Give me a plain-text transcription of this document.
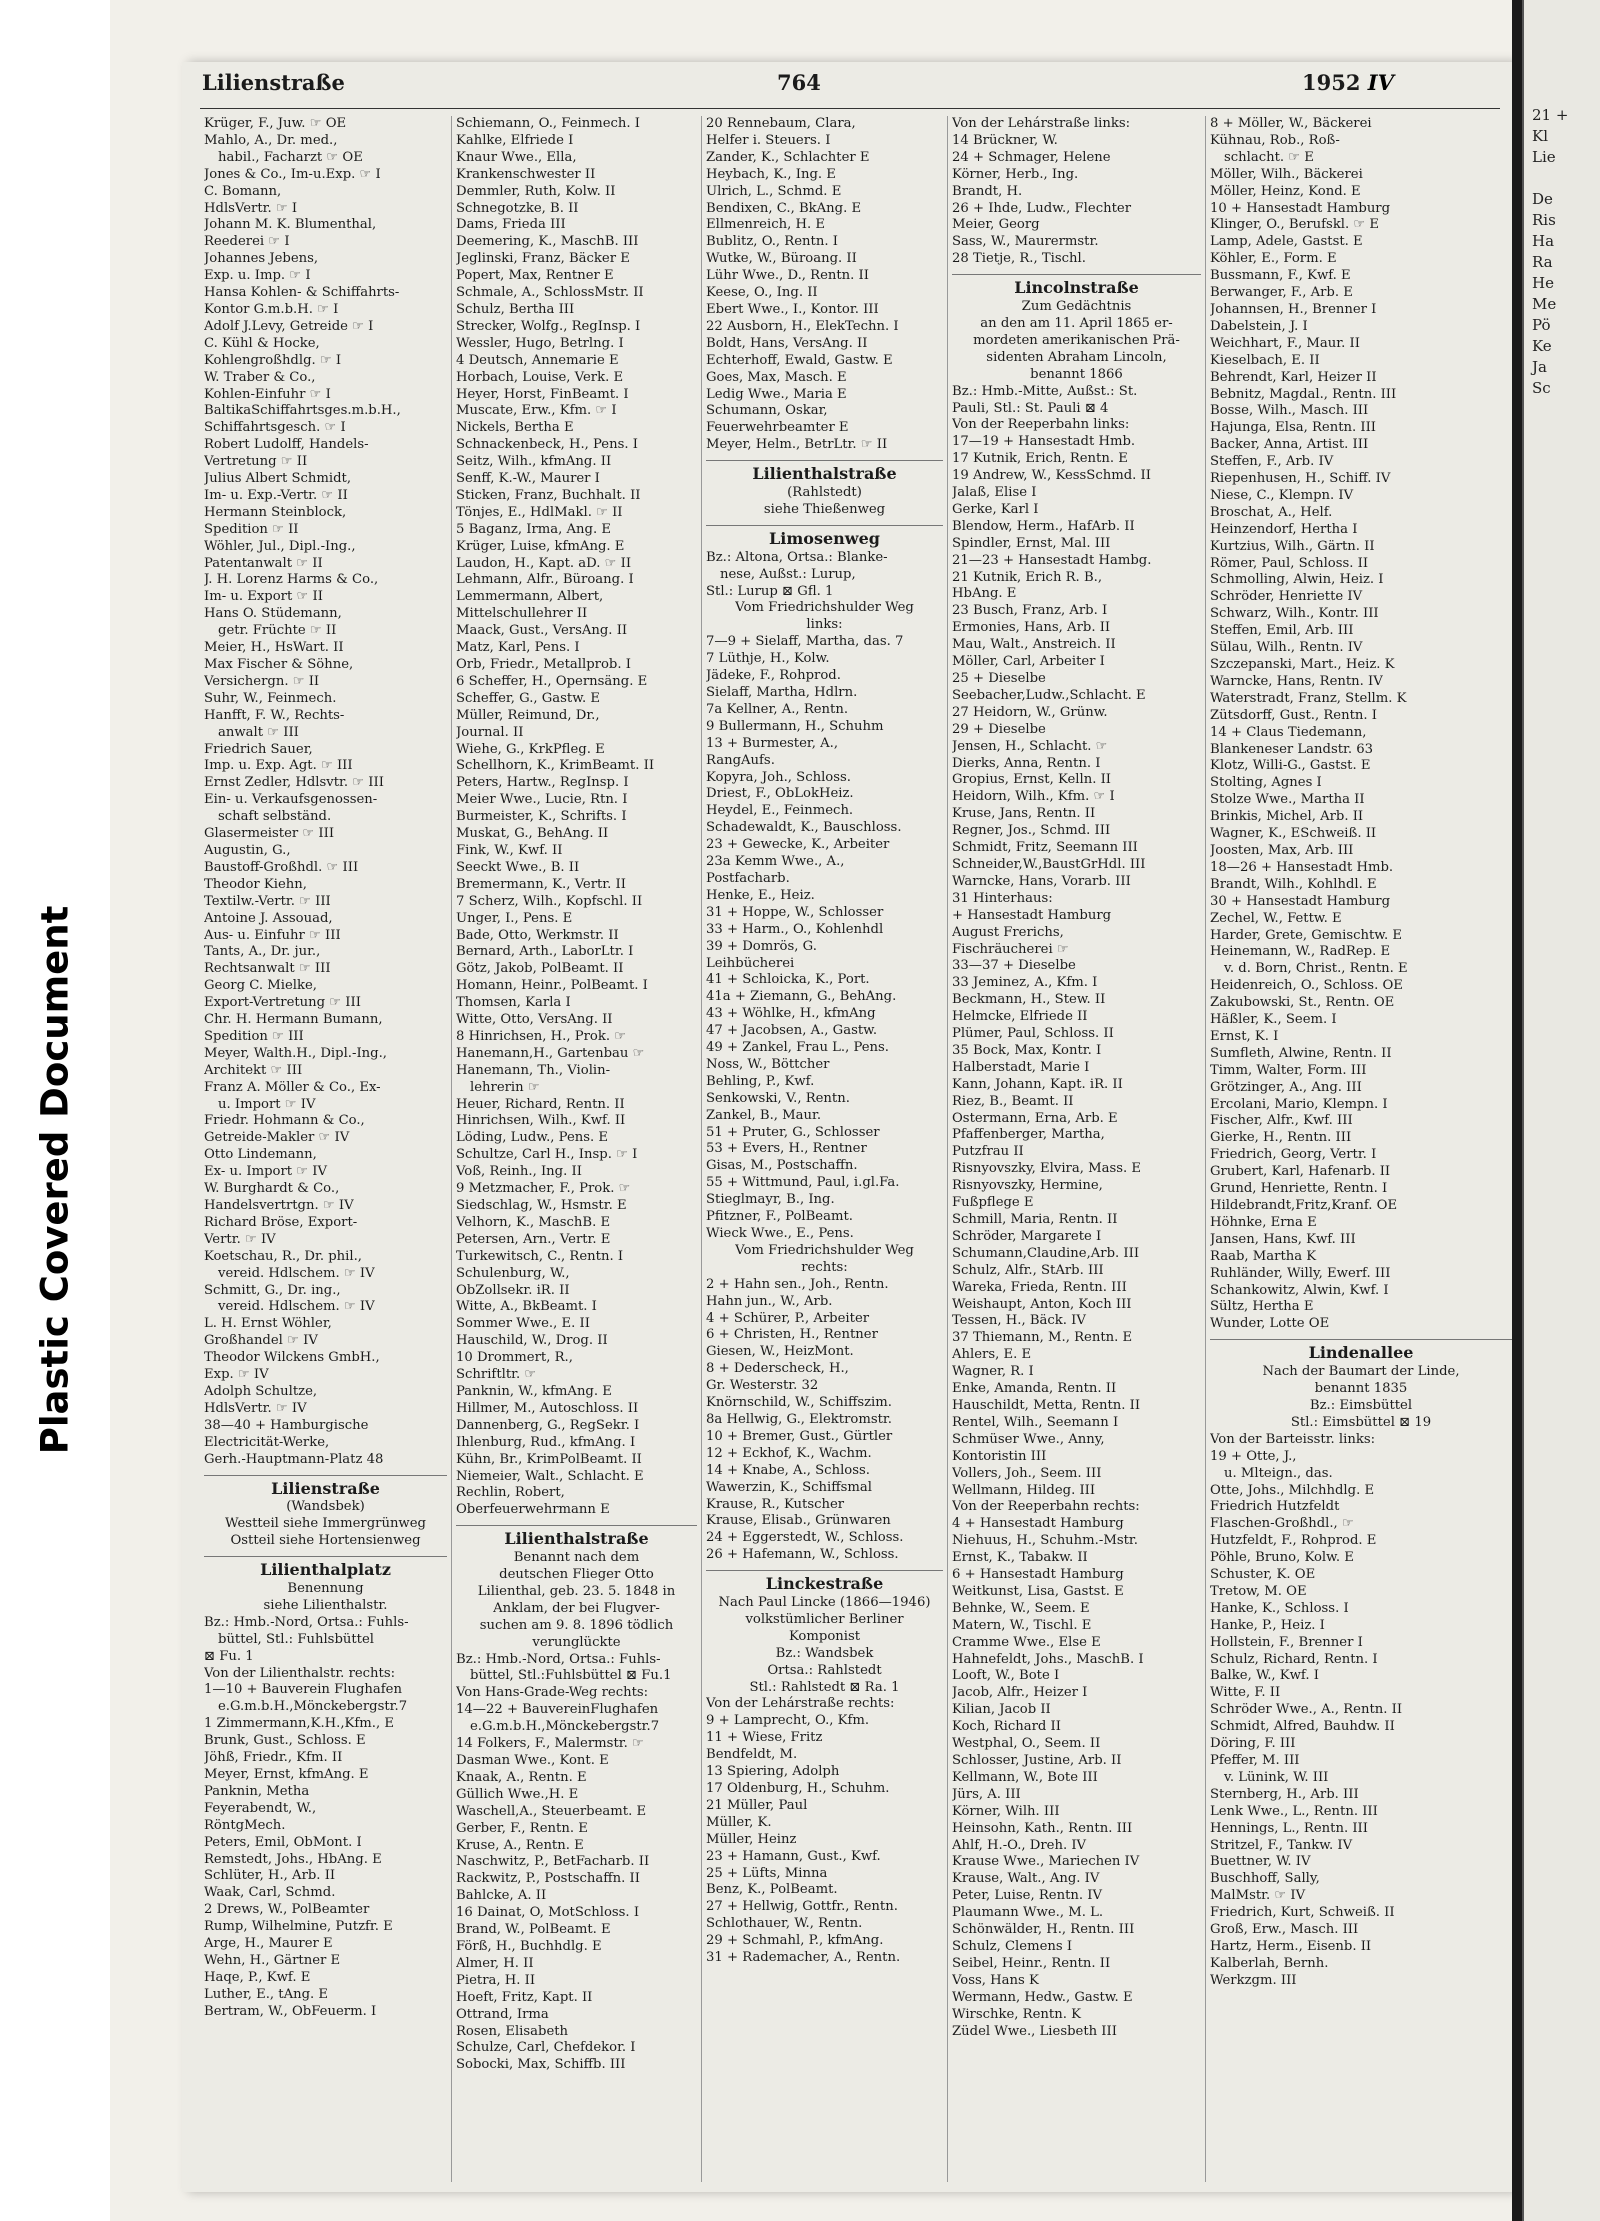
Plastic Covered Document
Lilienstraße	764	1952 IV

Krüger, F., Juw. ☞ OE

Mahlo, A., Dr. med.,

habil., Facharzt ☞ OE

Jones & Co., Im-u.Exp. ☞ I

C. Bomann,

HdlsVertr. ☞ I

Johann M. K. Blumenthal,

Reederei ☞ I

Johannes Jebens,

Exp. u. Imp. ☞ I

Hansa Kohlen- & Schiffahrts-

Kontor G.m.b.H. ☞ I

Adolf J.Levy, Getreide ☞ I

C. Kühl & Hocke,

Kohlengroßhdlg. ☞ I

W. Traber & Co.,

Kohlen-Einfuhr ☞ I

BaltikaSchiffahrtsges.m.b.H.,

Schiffahrtsgesch. ☞ I

Robert Ludolff, Handels-

Vertretung ☞ II

Julius Albert Schmidt,

Im- u. Exp.-Vertr. ☞ II

Hermann Steinblock,

Spedition ☞ II

Wöhler, Jul., Dipl.-Ing.,

Patentanwalt ☞ II

J. H. Lorenz Harms & Co.,

Im- u. Export ☞ II

Hans O. Stüdemann,

getr. Früchte ☞ II

Meier, H., HsWart. II

Max Fischer & Söhne,

Versichergn. ☞ II

Suhr, W., Feinmech.

Hanfft, F. W., Rechts-

anwalt ☞ III

Friedrich Sauer,

Imp. u. Exp. Agt. ☞ III

Ernst Zedler, Hdlsvtr. ☞ III

Ein- u. Verkaufsgenossen-

schaft selbständ.

Glasermeister ☞ III

Augustin, G.,

Baustoff-Großhdl. ☞ III

Theodor Kiehn,

Textilw.-Vertr. ☞ III

Antoine J. Assouad,

Aus- u. Einfuhr ☞ III

Tants, A., Dr. jur.,

Rechtsanwalt ☞ III

Georg C. Mielke,

Export-Vertretung ☞ III

Chr. H. Hermann Bumann,

Spedition ☞ III

Meyer, Walth.H., Dipl.-Ing.,

Architekt ☞ III

Franz A. Möller & Co., Ex-

u. Import ☞ IV

Friedr. Hohmann & Co.,

Getreide-Makler ☞ IV

Otto Lindemann,

Ex- u. Import ☞ IV

W. Burghardt & Co.,

Handelsvertrtgn. ☞ IV

Richard Bröse, Export-

Vertr. ☞ IV

Koetschau, R., Dr. phil.,

vereid. Hdlschem. ☞ IV

Schmitt, G., Dr. ing.,

vereid. Hdlschem. ☞ IV

L. H. Ernst Wöhler,

Großhandel ☞ IV

Theodor Wilckens GmbH.,

Exp. ☞ IV

Adolph Schultze,

HdlsVertr. ☞ IV

38—40 + Hamburgische

Electricität-Werke,

Gerh.-Hauptmann-Platz 48

Lilienstraße

(Wandsbek)

Westteil siehe Immergrünweg

Ostteil siehe Hortensienweg

Lilienthalplatz

Benennung

siehe Lilienthalstr.

Bz.: Hmb.-Nord, Ortsa.: Fuhls-

büttel, Stl.: Fuhlsbüttel

⊠ Fu. 1

Von der Lilienthalstr. rechts:

1—10 + Bauverein Flughafen

e.G.m.b.H.,Mönckebergstr.7

1 Zimmermann,K.H.,Kfm., E

Brunk, Gust., Schloss. E

Jöhß, Friedr., Kfm. II

Meyer, Ernst, kfmAng. E

Panknin, Metha

Feyerabendt, W.,

RöntgMech.

Peters, Emil, ObMont. I

Remstedt, Johs., HbAng. E

Schlüter, H., Arb. II

Waak, Carl, Schmd.

2 Drews, W., PolBeamter

Rump, Wilhelmine, Putzfr. E

Arge, H., Maurer E

Wehn, H., Gärtner E

Haqe, P., Kwf. E

Luther, E., tAng. E

Bertram, W., ObFeuerm. I

Schiemann, O., Feinmech. I

Kahlke, Elfriede I

Knaur Wwe., Ella,

Krankenschwester II

Demmler, Ruth, Kolw. II

Schnegotzke, B. II

Dams, Frieda III

Deemering, K., MaschB. III

Jeglinski, Franz, Bäcker E

Popert, Max, Rentner E

Schmale, A., SchlossMstr. II

Schulz, Bertha III

Strecker, Wolfg., RegInsp. I

Wessler, Hugo, Betrlng. I

4 Deutsch, Annemarie E

Horbach, Louise, Verk. E

Heyer, Horst, FinBeamt. I

Muscate, Erw., Kfm. ☞ I

Nickels, Bertha E

Schnackenbeck, H., Pens. I

Seitz, Wilh., kfmAng. II

Senff, K.-W., Maurer I

Sticken, Franz, Buchhalt. II

Tönjes, E., HdlMakl. ☞ II

5 Baganz, Irma, Ang. E

Krüger, Luise, kfmAng. E

Laudon, H., Kapt. aD. ☞ II

Lehmann, Alfr., Büroang. I

Lemmermann, Albert,

Mittelschullehrer II

Maack, Gust., VersAng. II

Matz, Karl, Pens. I

Orb, Friedr., Metallprob. I

6 Scheffer, H., Opernsäng. E

Scheffer, G., Gastw. E

Müller, Reimund, Dr.,

Journal. II

Wiehe, G., KrkPfleg. E

Schellhorn, K., KrimBeamt. II

Peters, Hartw., RegInsp. I

Meier Wwe., Lucie, Rtn. I

Burmeister, K., Schrifts. I

Muskat, G., BehAng. II

Fink, W., Kwf. II

Seeckt Wwe., B. II

Bremermann, K., Vertr. II

7 Scherz, Wilh., Kopfschl. II

Unger, I., Pens. E

Bade, Otto, Werkmstr. II

Bernard, Arth., LaborLtr. I

Götz, Jakob, PolBeamt. II

Homann, Heinr., PolBeamt. I

Thomsen, Karla I

Witte, Otto, VersAng. II

8 Hinrichsen, H., Prok. ☞

Hanemann,H., Gartenbau ☞

Hanemann, Th., Violin-

lehrerin ☞

Heuer, Richard, Rentn. II

Hinrichsen, Wilh., Kwf. II

Löding, Ludw., Pens. E

Schultze, Carl H., Insp. ☞ I

Voß, Reinh., Ing. II

9 Metzmacher, F., Prok. ☞

Siedschlag, W., Hsmstr. E

Velhorn, K., MaschB. E

Petersen, Arn., Vertr. E

Turkewitsch, C., Rentn. I

Schulenburg, W.,

ObZollsekr. iR. II

Witte, A., BkBeamt. I

Sommer Wwe., E. II

Hauschild, W., Drog. II

10 Drommert, R.,

Schriftltr. ☞

Panknin, W., kfmAng. E

Hillmer, M., Autoschloss. II

Dannenberg, G., RegSekr. I

Ihlenburg, Rud., kfmAng. I

Kühn, Br., KrimPolBeamt. II

Niemeier, Walt., Schlacht. E

Rechlin, Robert,

Oberfeuerwehrmann E

Lilienthalstraße

Benannt nach dem

deutschen Flieger Otto

Lilienthal, geb. 23. 5. 1848 in

Anklam, der bei Flugver-

suchen am 9. 8. 1896 tödlich

verunglückte

Bz.: Hmb.-Nord, Ortsa.: Fuhls-

büttel, Stl.:Fuhlsbüttel ⊠ Fu.1

Von Hans-Grade-Weg rechts:

14—22 + BauvereinFlughafen

e.G.m.b.H.,Mönckebergstr.7

14 Folkers, F., Malermstr. ☞

Dasman Wwe., Kont. E

Knaak, A., Rentn. E

Güllich Wwe.,H. E

Waschell,A., Steuerbeamt. E

Gerber, F., Rentn. E

Kruse, A., Rentn. E

Naschwitz, P., BetFacharb. II

Rackwitz, P., Postschaffn. II

Bahlcke, A. II

16 Dainat, O, MotSchloss. I

Brand, W., PolBeamt. E

Förß, H., Buchhdlg. E

Almer, H. II

Pietra, H. II

Hoeft, Fritz, Kapt. II

Ottrand, Irma

Rosen, Elisabeth

Schulze, Carl, Chefdekor. I

Sobocki, Max, Schiffb. III

20 Rennebaum, Clara,

Helfer i. Steuers. I

Zander, K., Schlachter E

Heybach, K., Ing. E

Ulrich, L., Schmd. E

Bendixen, C., BkAng. E

Ellmenreich, H. E

Bublitz, O., Rentn. I

Wutke, W., Büroang. II

Lühr Wwe., D., Rentn. II

Keese, O., Ing. II

Ebert Wwe., I., Kontor. III

22 Ausborn, H., ElekTechn. I

Boldt, Hans, VersAng. II

Echterhoff, Ewald, Gastw. E

Goes, Max, Masch. E

Ledig Wwe., Maria E

Schumann, Oskar,

Feuerwehrbeamter E

Meyer, Helm., BetrLtr. ☞ II

Lilienthalstraße

(Rahlstedt)

siehe Thießenweg

Limosenweg

Bz.: Altona, Ortsa.: Blanke-

nese, Außst.: Lurup,

Stl.: Lurup ⊠ Gfl. 1

Vom Friedrichshulder Weg

links:

7—9 + Sielaff, Martha, das. 7

7 Lüthje, H., Kolw.

Jädeke, F., Rohprod.

Sielaff, Martha, Hdlrn.

7a Kellner, A., Rentn.

9 Bullermann, H., Schuhm

13 + Burmester, A.,

RangAufs.

Kopyra, Joh., Schloss.

Driest, F., ObLokHeiz.

Heydel, E., Feinmech.

Schadewaldt, K., Bauschloss.

23 + Gewecke, K., Arbeiter

23a Kemm Wwe., A.,

Postfacharb.

Henke, E., Heiz.

31 + Hoppe, W., Schlosser

33 + Harm., O., Kohlenhdl

39 + Domrös, G.

Leihbücherei

41 + Schloicka, K., Port.

41a + Ziemann, G., BehAng.

43 + Wöhlke, H., kfmAng

47 + Jacobsen, A., Gastw.

49 + Zankel, Frau L., Pens.

Noss, W., Böttcher

Behling, P., Kwf.

Senkowski, V., Rentn.

Zankel, B., Maur.

51 + Pruter, G., Schlosser

53 + Evers, H., Rentner

Gisas, M., Postschaffn.

55 + Wittmund, Paul, i.gl.Fa.

Stieglmayr, B., Ing.

Pfitzner, F., PolBeamt.

Wieck Wwe., E., Pens.

Vom Friedrichshulder Weg

rechts:

2 + Hahn sen., Joh., Rentn.

Hahn jun., W., Arb.

4 + Schürer, P., Arbeiter

6 + Christen, H., Rentner

Giesen, W., HeizMont.

8 + Dederscheck, H.,

Gr. Westerstr. 32

Knörnschild, W., Schiffszim.

8a Hellwig, G., Elektromstr.

10 + Bremer, Gust., Gürtler

12 + Eckhof, K., Wachm.

14 + Knabe, A., Schloss.

Wawerzin, K., Schiffsmal

Krause, R., Kutscher

Krause, Elisab., Grünwaren

24 + Eggerstedt, W., Schloss.

26 + Hafemann, W., Schloss.

Linckestraße

Nach Paul Lincke (1866—1946)

volkstümlicher Berliner

Komponist

Bz.: Wandsbek

Ortsa.: Rahlstedt

Stl.: Rahlstedt ⊠ Ra. 1

Von der Lehárstraße rechts:

9 + Lamprecht, O., Kfm.

11 + Wiese, Fritz

Bendfeldt, M.

13 Spiering, Adolph

17 Oldenburg, H., Schuhm.

21 Müller, Paul

Müller, K.

Müller, Heinz

23 + Hamann, Gust., Kwf.

25 + Lüfts, Minna

Benz, K., PolBeamt.

27 + Hellwig, Gottfr., Rentn.

Schlothauer, W., Rentn.

29 + Schmahl, P., kfmAng.

31 + Rademacher, A., Rentn.

Von der Lehárstraße links:

14 Brückner, W.

24 + Schmager, Helene

Körner, Herb., Ing.

Brandt, H.

26 + Ihde, Ludw., Flechter

Meier, Georg

Sass, W., Maurermstr.

28 Tietje, R., Tischl.

Lincolnstraße

Zum Gedächtnis

an den am 11. April 1865 er-

mordeten amerikanischen Prä-

sidenten Abraham Lincoln,

benannt 1866

Bz.: Hmb.-Mitte, Außst.: St.

Pauli, Stl.: St. Pauli ⊠ 4

Von der Reeperbahn links:

17—19 + Hansestadt Hmb.

17 Kutnik, Erich, Rentn. E

19 Andrew, W., KessSchmd. II

Jalaß, Elise I

Gerke, Karl I

Blendow, Herm., HafArb. II

Spindler, Ernst, Mal. III

21—23 + Hansestadt Hambg.

21 Kutnik, Erich R. B.,

HbAng. E

23 Busch, Franz, Arb. I

Ermonies, Hans, Arb. II

Mau, Walt., Anstreich. II

Möller, Carl, Arbeiter I

25 + Dieselbe

Seebacher,Ludw.,Schlacht. E

27 Heidorn, W., Grünw.

29 + Dieselbe

Jensen, H., Schlacht. ☞

Dierks, Anna, Rentn. I

Gropius, Ernst, Kelln. II

Heidorn, Wilh., Kfm. ☞ I

Kruse, Jans, Rentn. II

Regner, Jos., Schmd. III

Schmidt, Fritz, Seemann III

Schneider,W.,BaustGrHdl. III

Warncke, Hans, Vorarb. III

31 Hinterhaus:

+ Hansestadt Hamburg

August Frerichs,

Fischräucherei ☞

33—37 + Dieselbe

33 Jeminez, A., Kfm. I

Beckmann, H., Stew. II

Helmcke, Elfriede II

Plümer, Paul, Schloss. II

35 Bock, Max, Kontr. I

Halberstadt, Marie I

Kann, Johann, Kapt. iR. II

Riez, B., Beamt. II

Ostermann, Erna, Arb. E

Pfaffenberger, Martha,

Putzfrau II

Risnyovszky, Elvira, Mass. E

Risnyovszky, Hermine,

Fußpflege E

Schmill, Maria, Rentn. II

Schröder, Margarete I

Schumann,Claudine,Arb. III

Schulz, Alfr., StArb. III

Wareka, Frieda, Rentn. III

Weishaupt, Anton, Koch III

Tessen, H., Bäck. IV

37 Thiemann, M., Rentn. E

Ahlers, E. E

Wagner, R. I

Enke, Amanda, Rentn. II

Hauschildt, Metta, Rentn. II

Rentel, Wilh., Seemann I

Schmüser Wwe., Anny,

Kontoristin III

Vollers, Joh., Seem. III

Wellmann, Hildeg. III

Von der Reeperbahn rechts:

4 + Hansestadt Hamburg

Niehuus, H., Schuhm.-Mstr.

Ernst, K., Tabakw. II

6 + Hansestadt Hamburg

Weitkunst, Lisa, Gastst. E

Behnke, W., Seem. E

Matern, W., Tischl. E

Cramme Wwe., Else E

Hahnefeldt, Johs., MaschB. I

Looft, W., Bote I

Jacob, Alfr., Heizer I

Kilian, Jacob II

Koch, Richard II

Westphal, O., Seem. II

Schlosser, Justine, Arb. II

Kellmann, W., Bote III

Jürs, A. III

Körner, Wilh. III

Heinsohn, Kath., Rentn. III

Ahlf, H.-O., Dreh. IV

Krause Wwe., Mariechen IV

Krause, Walt., Ang. IV

Peter, Luise, Rentn. IV

Plaumann Wwe., M. L.

Schönwälder, H., Rentn. III

Schulz, Clemens I

Seibel, Heinr., Rentn. II

Voss, Hans K

Wermann, Hedw., Gastw. E

Wirschke, Rentn. K

Züdel Wwe., Liesbeth III

8 + Möller, W., Bäckerei

Kühnau, Rob., Roß-

schlacht. ☞ E

Möller, Wilh., Bäckerei

Möller, Heinz, Kond. E

10 + Hansestadt Hamburg

Klinger, O., Berufskl. ☞ E

Lamp, Adele, Gastst. E

Köhler, E., Form. E

Bussmann, F., Kwf. E

Berwanger, F., Arb. E

Johannsen, H., Brenner I

Dabelstein, J. I

Weichhart, F., Maur. II

Kieselbach, E. II

Behrendt, Karl, Heizer II

Bebnitz, Magdal., Rentn. III

Bosse, Wilh., Masch. III

Hajunga, Elsa, Rentn. III

Backer, Anna, Artist. III

Steffen, F., Arb. IV

Riepenhusen, H., Schiff. IV

Niese, C., Klempn. IV

Broschat, A., Helf.

Heinzendorf, Hertha I

Kurtzius, Wilh., Gärtn. II

Römer, Paul, Schloss. II

Schmolling, Alwin, Heiz. I

Schröder, Henriette IV

Schwarz, Wilh., Kontr. III

Steffen, Emil, Arb. III

Sülau, Wilh., Rentn. IV

Szczepanski, Mart., Heiz. K

Warncke, Hans, Rentn. IV

Waterstradt, Franz, Stellm. K

Zütsdorff, Gust., Rentn. I

14 + Claus Tiedemann,

Blankeneser Landstr. 63

Klotz, Willi-G., Gastst. E

Stolting, Agnes I

Stolze Wwe., Martha II

Brinkis, Michel, Arb. II

Wagner, K., ESchweiß. II

Joosten, Max, Arb. III

18—26 + Hansestadt Hmb.

Brandt, Wilh., Kohlhdl. E

30 + Hansestadt Hamburg

Zechel, W., Fettw. E

Harder, Grete, Gemischtw. E

Heinemann, W., RadRep. E

v. d. Born, Christ., Rentn. E

Heidenreich, O., Schloss. OE

Zakubowski, St., Rentn. OE

Häßler, K., Seem. I

Ernst, K. I

Sumfleth, Alwine, Rentn. II

Timm, Walter, Form. III

Grötzinger, A., Ang. III

Ercolani, Mario, Klempn. I

Fischer, Alfr., Kwf. III

Gierke, H., Rentn. III

Friedrich, Georg, Vertr. I

Grubert, Karl, Hafenarb. II

Grund, Henriette, Rentn. I

Hildebrandt,Fritz,Kranf. OE

Höhnke, Erna E

Jansen, Hans, Kwf. III

Raab, Martha K

Ruhländer, Willy, Ewerf. III

Schankowitz, Alwin, Kwf. I

Sültz, Hertha E

Wunder, Lotte OE

Lindenallee

Nach der Baumart der Linde,

benannt 1835

Bz.: Eimsbüttel

Stl.: Eimsbüttel ⊠ 19

Von der Barteisstr. links:

19 + Otte, J.,

u. Mlteign., das.

Otte, Johs., Milchhdlg. E

Friedrich Hutzfeldt

Flaschen-Großhdl., ☞

Hutzfeldt, F., Rohprod. E

Pöhle, Bruno, Kolw. E

Schuster, K. OE

Tretow, M. OE

Hanke, K., Schloss. I

Hanke, P., Heiz. I

Hollstein, F., Brenner I

Schulz, Richard, Rentn. I

Balke, W., Kwf. I

Witte, F. II

Schröder Wwe., A., Rentn. II

Schmidt, Alfred, Bauhdw. II

Döring, F. III

Pfeffer, M. III

v. Lünink, W. III

Sternberg, H., Arb. III

Lenk Wwe., L., Rentn. III

Hennings, L., Rentn. III

Stritzel, F., Tankw. IV

Buettner, W. IV

Buschhoff, Sally,

MalMstr. ☞ IV

Friedrich, Kurt, Schweiß. II

Groß, Erw., Masch. III

Hartz, Herm., Eisenb. II

Kalberlah, Bernh.

Werkzgm. III

21 +
Kl
Lie

De
Ris
Ha
Ra
He
Me
Pö
Ke
Ja
Sc
